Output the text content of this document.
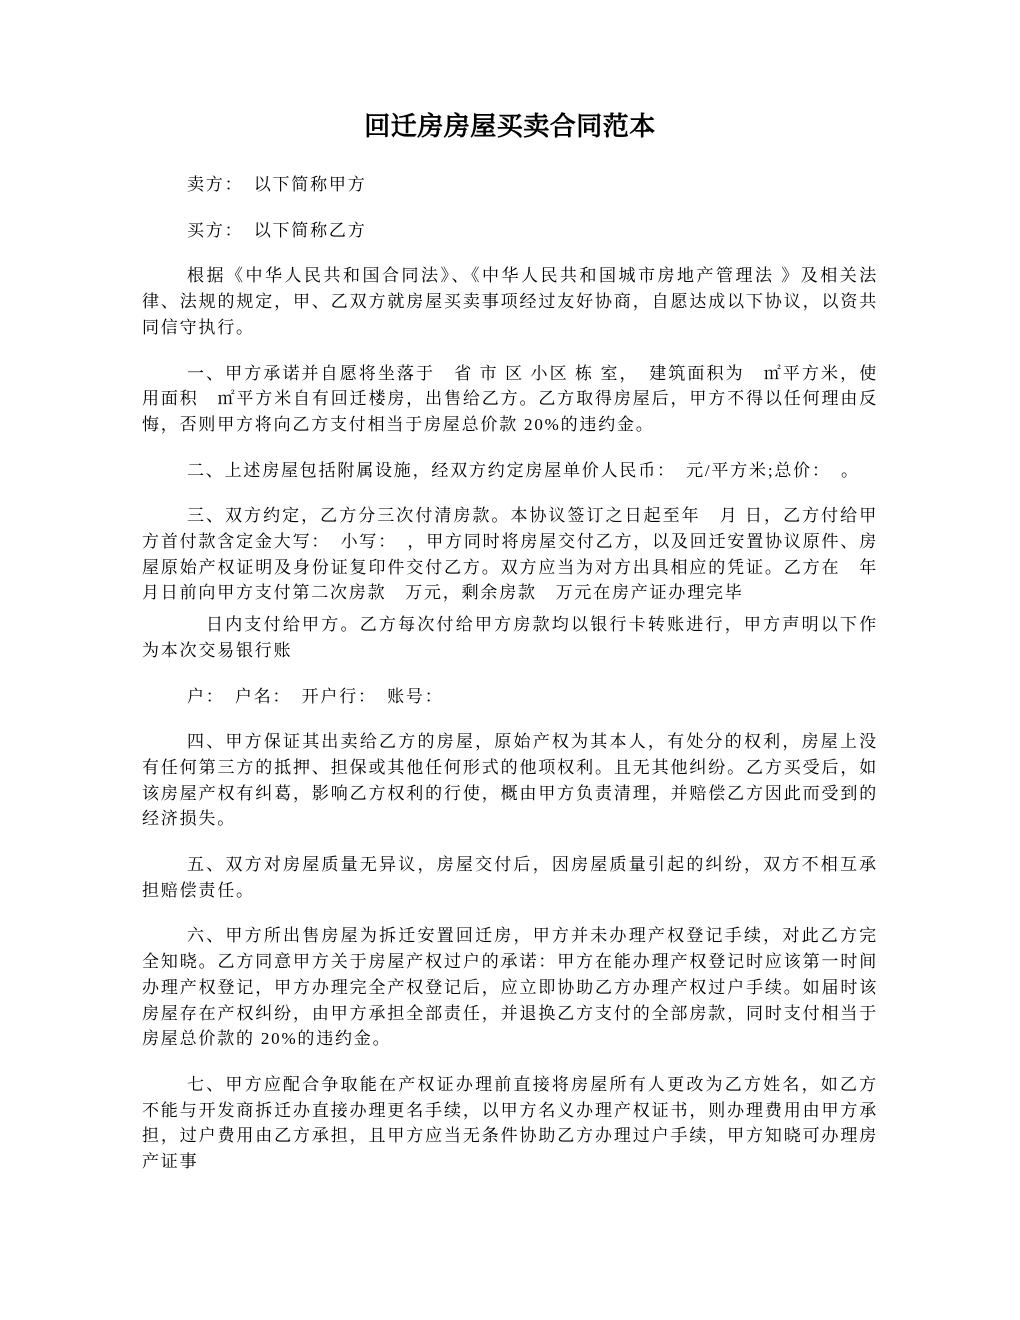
回迁房房屋买卖合同范本

卖方：　以下简称甲方

买方：　以下简称乙方

根据《中华人民共和国合同法》、《中华人民共和国城市房地产管理法 》及相关法律、法规的规定，甲、乙双方就房屋买卖事项经过友好协商，自愿达成以下协议，以资共同信守执行。

一、甲方承诺并自愿将坐落于　省 市 区 小区 栋 室，　建筑面积为　㎡平方米，使用面积　㎡平方米自有回迁楼房，出售给乙方。乙方取得房屋后，甲方不得以任何理由反悔，否则甲方将向乙方支付相当于房屋总价款 20%的违约金。

二、上述房屋包括附属设施，经双方约定房屋单价人民币：　元/平方米;总价：　。

三、双方约定，乙方分三次付清房款。本协议签订之日起至年　月 日，乙方付给甲方首付款含定金大写：　小写：　，甲方同时将房屋交付乙方，以及回迁安置协议原件、房屋原始产权证明及身份证复印件交付乙方。双方应当为对方出具相应的凭证。乙方在　年 月日前向甲方支付第二次房款　万元，剩余房款　万元在房产证办理完毕

日内支付给甲方。乙方每次付给甲方房款均以银行卡转账进行，甲方声明以下作为本次交易银行账

户：　户名：　开户行：　账号：

四、甲方保证其出卖给乙方的房屋，原始产权为其本人，有处分的权利，房屋上没有任何第三方的抵押、担保或其他任何形式的他项权利。且无其他纠纷。乙方买受后，如该房屋产权有纠葛，影响乙方权利的行使，概由甲方负责清理，并赔偿乙方因此而受到的经济损失。

五、双方对房屋质量无异议，房屋交付后，因房屋质量引起的纠纷，双方不相互承担赔偿责任。

六、甲方所出售房屋为拆迁安置回迁房，甲方并未办理产权登记手续，对此乙方完全知晓。乙方同意甲方关于房屋产权过户的承诺：甲方在能办理产权登记时应该第一时间办理产权登记，甲方办理完全产权登记后，应立即协助乙方办理产权过户手续。如届时该房屋存在产权纠纷，由甲方承担全部责任，并退换乙方支付的全部房款，同时支付相当于房屋总价款的 20%的违约金。

七、甲方应配合争取能在产权证办理前直接将房屋所有人更改为乙方姓名，如乙方不能与开发商拆迁办直接办理更名手续，以甲方名义办理产权证书，则办理费用由甲方承担，过户费用由乙方承担，且甲方应当无条件协助乙方办理过户手续，甲方知晓可办理房产证事
